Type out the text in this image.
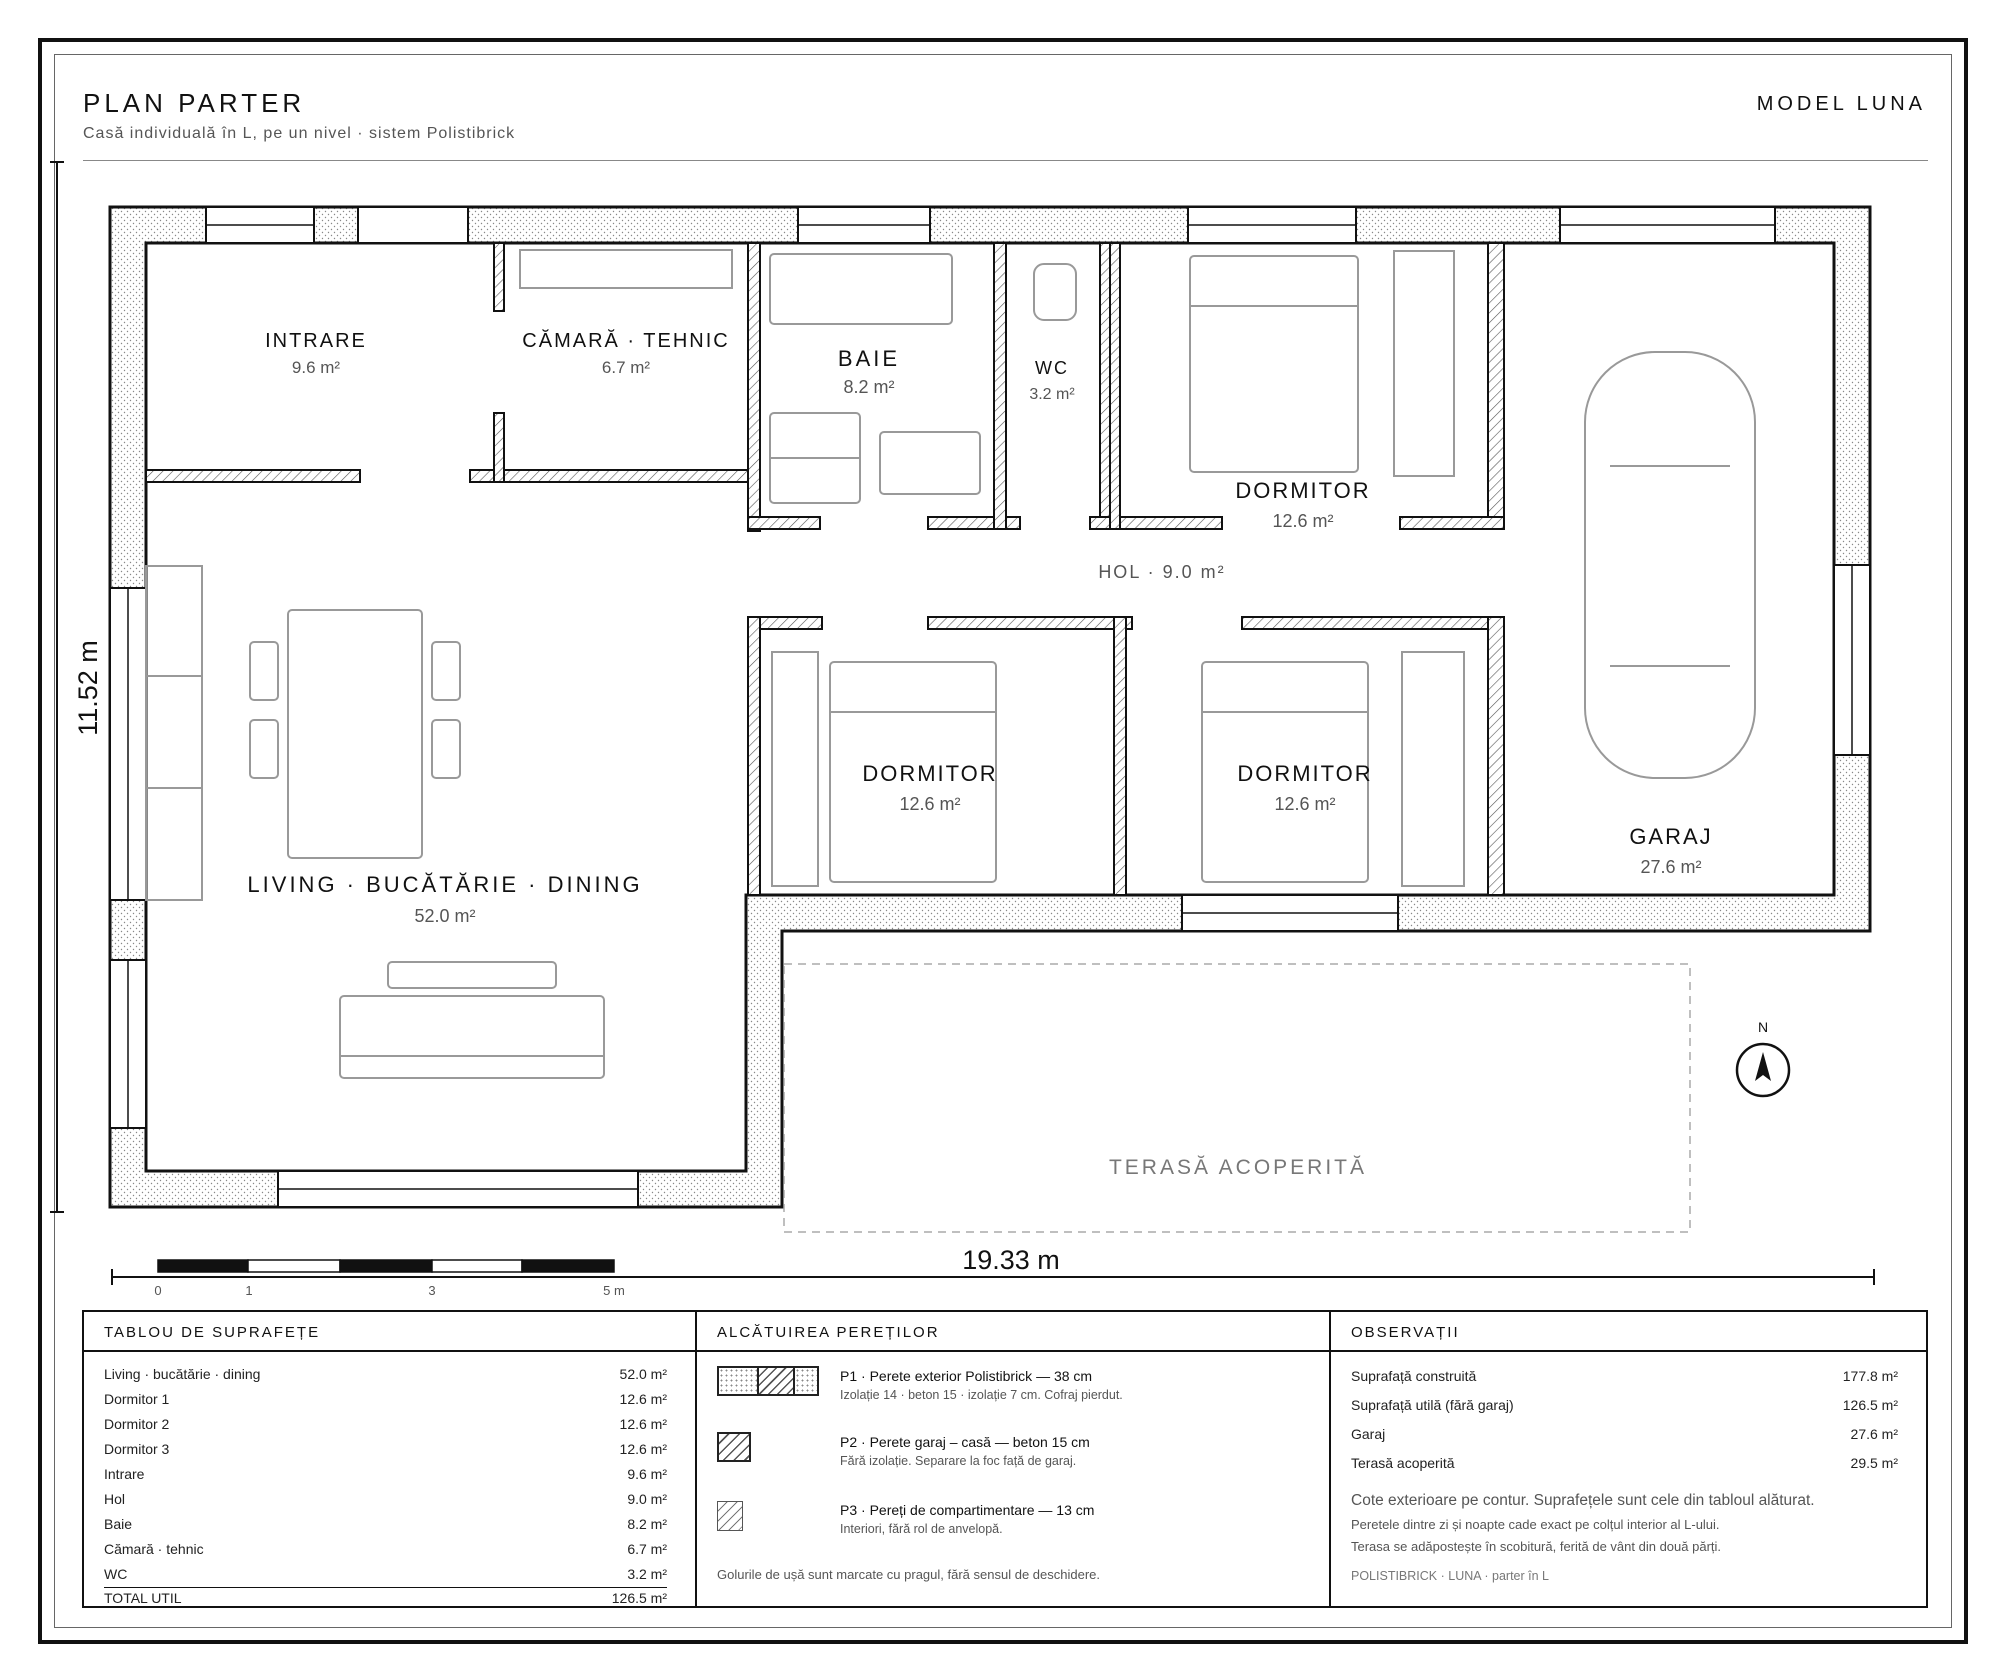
PLAN PARTER
Casă individuală în L, pe un nivel · sistem Polistibrick
MODEL LUNA
INTRARE
9.6 m²
CĂMARĂ · TEHNIC
6.7 m²	BAIE
8.2 m²
WC
3.2 m²
DORMITOR
12.6 m²
HOL · 9.0 m²
DORMITOR
12.6 m²
DORMITOR
12.6 m²
GARAJ
27.6 m²
LIVING · BUCĂTĂRIE · DINING
52.0 m²
TERASĂ ACOPERITĂ
19.33 m
11.52 m
0	1	3	5 m
N
TABLOU DE SUPRAFEȚE
Living · bucătărie · dining	52.0 m²
Dormitor 1	12.6 m²
Dormitor 2	12.6 m²
Dormitor 3	12.6 m²
Intrare	9.6 m²
Hol	9.0 m²
Baie	8.2 m²
Cămară · tehnic	6.7 m²
WC	3.2 m²
TOTAL UTIL	126.5 m²
ALCĂTUIREA PEREȚILOR
P1 · Perete exterior Polistibrick — 38 cm
Izolație 14 · beton 15 · izolație 7 cm. Cofraj pierdut.
P2 · Perete garaj – casă — beton 15 cm
Fără izolație. Separare la foc față de garaj.
P3 · Pereți de compartimentare — 13 cm
Interiori, fără rol de anvelopă.
Golurile de ușă sunt marcate cu pragul, fără sensul de deschidere.
OBSERVAȚII
Suprafață construită	177.8 m²
Suprafață utilă (fără garaj)	126.5 m²
Garaj	27.6 m²
Terasă acoperită	29.5 m²
Cote exterioare pe contur. Suprafețele sunt cele din tabloul alăturat.
Peretele dintre zi și noapte cade exact pe colțul interior al L-ului.
Terasa se adăpostește în scobitură, ferită de vânt din două părți.
POLISTIBRICK · LUNA · parter în L
